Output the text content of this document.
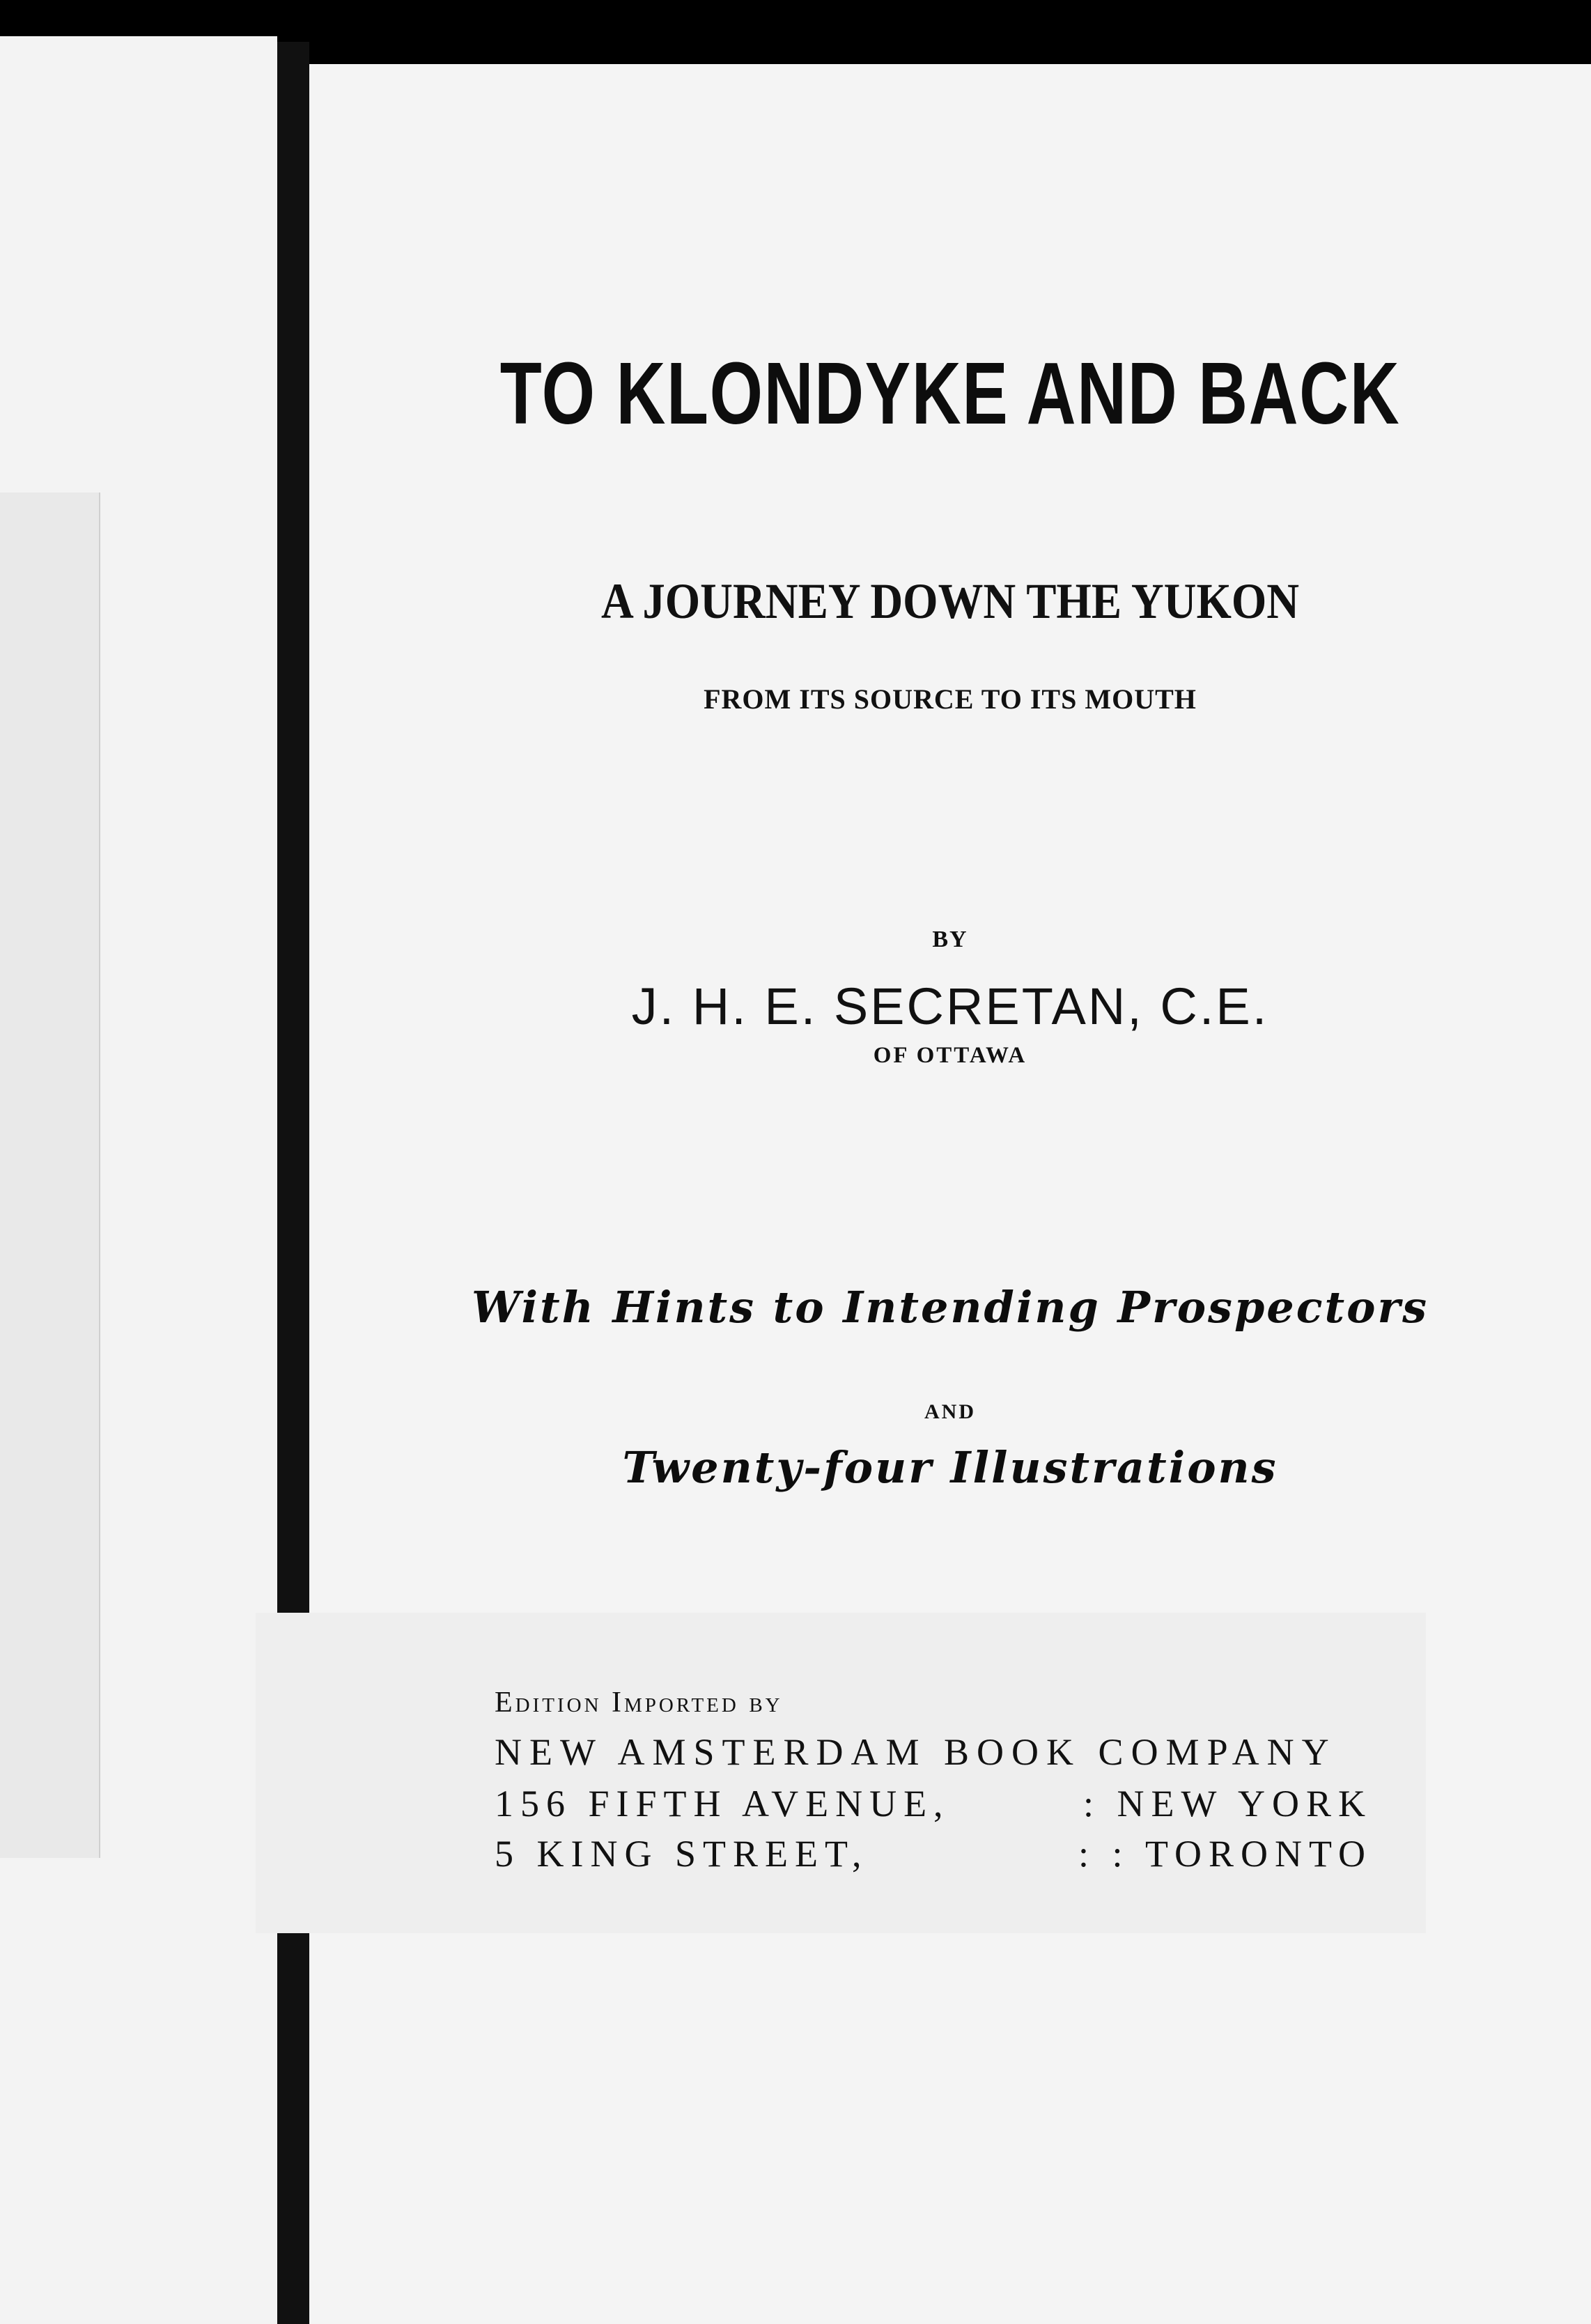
TO KLONDYKE AND BACK
A JOURNEY DOWN THE YUKON
FROM ITS SOURCE TO ITS MOUTH
BY
J. H. E. SECRETAN, C.E.
OF OTTAWA
With Hints to Intending Prospectors
AND
Twenty-four Illustrations
Edition Imported by
NEW AMSTERDAM BOOK COMPANY
156 FIFTH AVENUE,	: NEW YORK
5 KING STREET,	: : TORONTO
